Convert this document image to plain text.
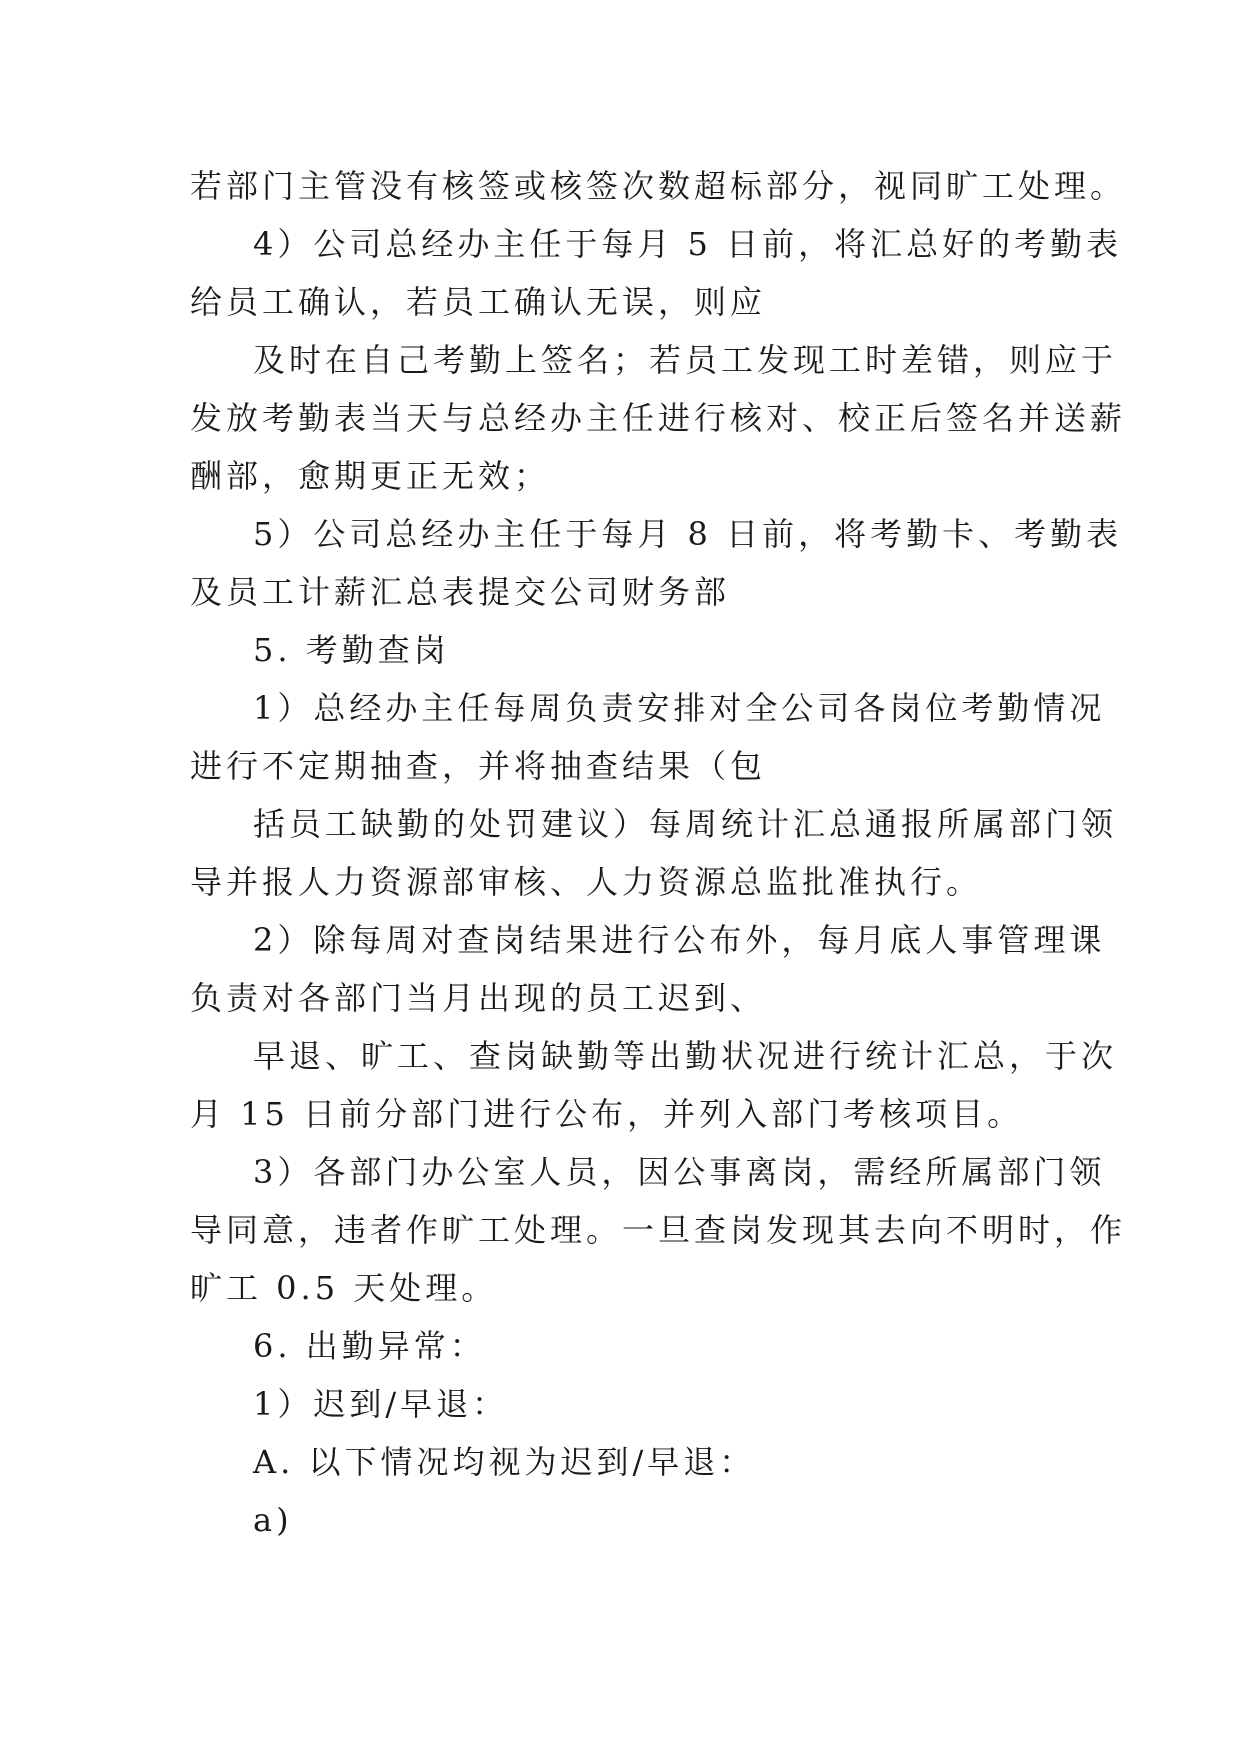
若部门主管没有核签或核签次数超标部分，视同旷工处理。
4）公司总经办主任于每月 5 日前，将汇总好的考勤表
给员工确认，若员工确认无误，则应
及时在自己考勤上签名；若员工发现工时差错，则应于
发放考勤表当天与总经办主任进行核对、校正后签名并送薪
酬部，愈期更正无效；
5）公司总经办主任于每月 8 日前，将考勤卡、考勤表
及员工计薪汇总表提交公司财务部
5. 考勤查岗
1）总经办主任每周负责安排对全公司各岗位考勤情况
进行不定期抽查，并将抽查结果（包
括员工缺勤的处罚建议）每周统计汇总通报所属部门领
导并报人力资源部审核、人力资源总监批准执行。
2）除每周对查岗结果进行公布外，每月底人事管理课
负责对各部门当月出现的员工迟到、
早退、旷工、查岗缺勤等出勤状况进行统计汇总，于次
月 15 日前分部门进行公布，并列入部门考核项目。
3）各部门办公室人员，因公事离岗，需经所属部门领
导同意，违者作旷工处理。一旦查岗发现其去向不明时，作
旷工 0.5 天处理。
6. 出勤异常：
1）迟到/早退：
A. 以下情况均视为迟到/早退：
a)
